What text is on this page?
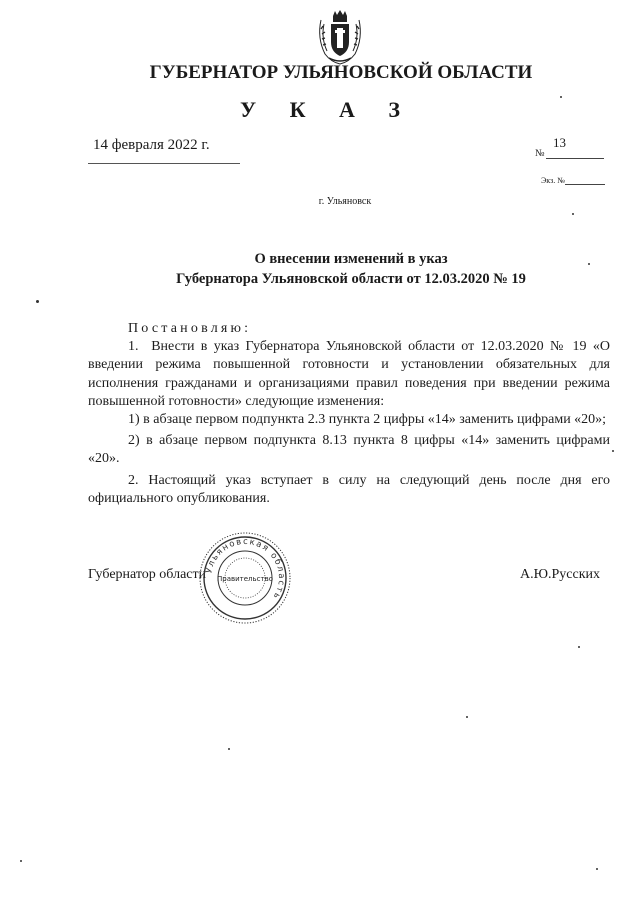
ГУБЕРНАТОР УЛЬЯНОВСКОЙ ОБЛАСТИ
У К А З
14 февраля 2022 г.
№
13
Экз. №
г. Ульяновск
О внесении изменений в указ
Губернатора Ульяновской области от 12.03.2020 № 19

Постановляю:

1.  Внести в указ Губернатора Ульяновской области от 12.03.2020 № 19 «О введении режима повышенной готовности и установлении обязательных для исполнения гражданами и организациями правил поведения при введении режима повышенной готовности» следующие изменения:

1) в абзаце первом подпункта 2.3 пункта 2 цифры «14» заменить цифрами «20»;

2) в абзаце первом подпункта 8.13 пункта 8 цифры «14» заменить цифрами «20».

2. Настоящий указ вступает в силу на следующий день после дня его официального опубликования.

Губернатор области	А.Ю.Русских
Ульяновская область
Правительство
